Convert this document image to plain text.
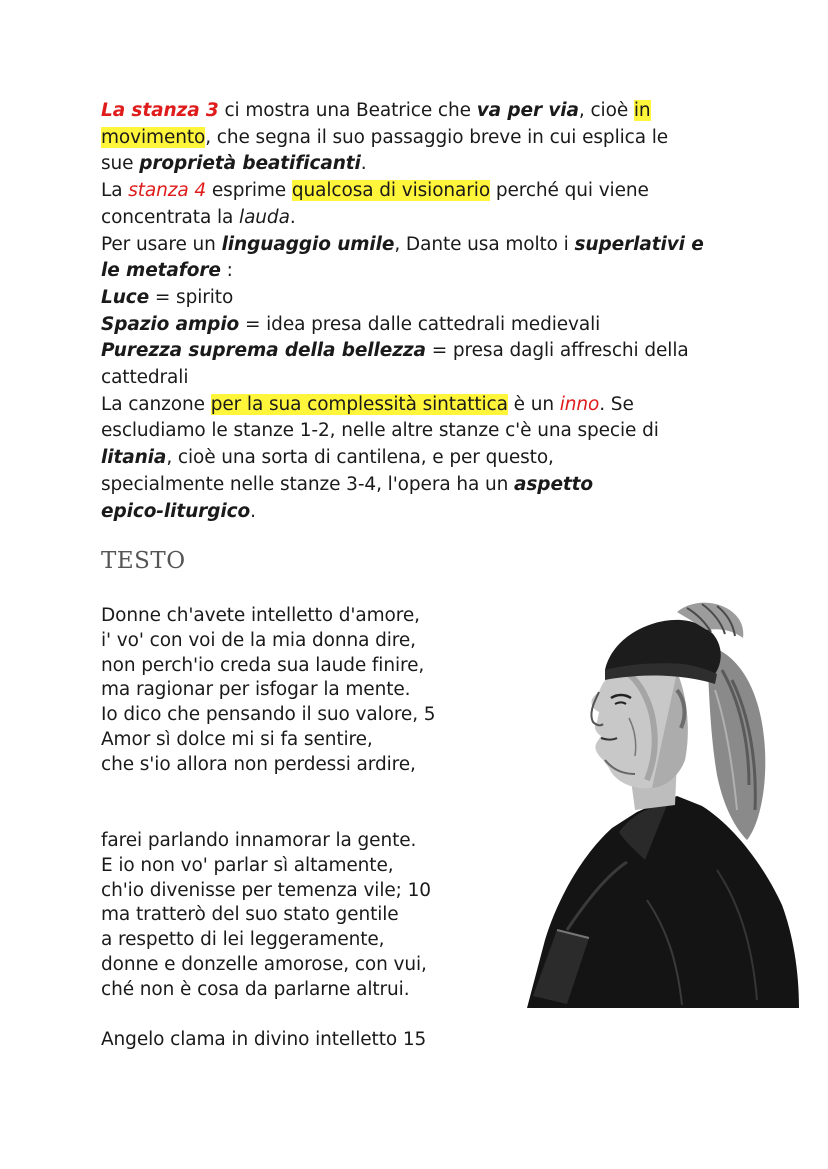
La stanza 3 ci mostra una Beatrice che va per via, cioè in

movimento, che segna il suo passaggio breve in cui esplica le

sue proprietà beatificanti.

La stanza 4 esprime qualcosa di visionario perché qui viene

concentrata la lauda.

Per usare un linguaggio umile, Dante usa molto i superlativi e

le metafore :

Luce = spirito

Spazio ampio = idea presa dalle cattedrali medievali

Purezza suprema della bellezza = presa dagli affreschi della

cattedrali

La canzone per la sua complessità sintattica è un inno. Se

escludiamo le stanze 1-2, nelle altre stanze c'è una specie di

litania, cioè una sorta di cantilena, e per questo,

specialmente nelle stanze 3-4, l'opera ha un aspetto

epico-liturgico.

TESTO

Donne ch'avete intelletto d'amore,

i' vo' con voi de la mia donna dire,

non perch'io creda sua laude finire,

ma ragionar per isfogar la mente.

Io dico che pensando il suo valore, 5

Amor sì dolce mi si fa sentire,

che s'io allora non perdessi ardire,

farei parlando innamorar la gente.

E io non vo' parlar sì altamente,

ch'io divenisse per temenza vile; 10

ma tratterò del suo stato gentile

a respetto di lei leggeramente,

donne e donzelle amorose, con vui,

ché non è cosa da parlarne altrui.

Angelo clama in divino intelletto 15
